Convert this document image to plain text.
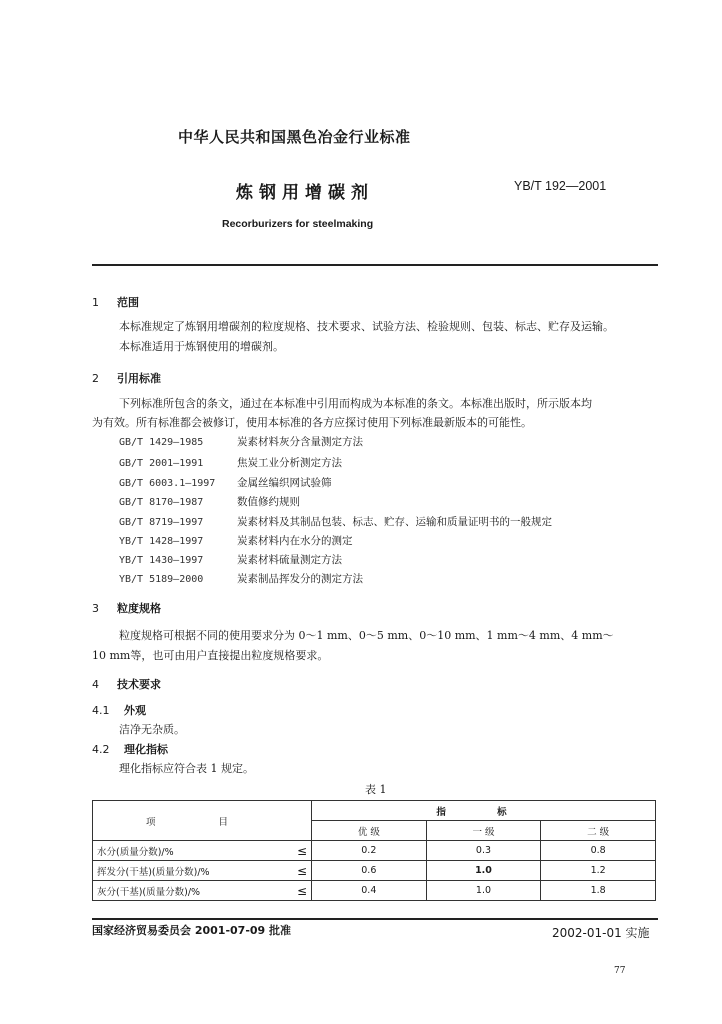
中华人民共和国黑色冶金行业标准
炼钢用增碳剂	YB/T 192—2001
Recorburizers for steelmaking
1 范围
本标准规定了炼钢用增碳剂的粒度规格、技术要求、试验方法、检验规则、包装、标志、贮存及运输。
本标准适用于炼钢使用的增碳剂。
2 引用标准
下列标准所包含的条文，通过在本标准中引用而构成为本标准的条文。本标准出版时，所示版本均
为有效。所有标准都会被修订，使用本标准的各方应探讨使用下列标准最新版本的可能性。
GB/T 1429—1985	炭素材料灰分含量测定方法
GB/T 2001—1991	焦炭工业分析测定方法
GB/T 6003.1—1997 金属丝编织网试验筛
GB/T 8170—1987	数值修约规则
GB/T 8719—1997	炭素材料及其制品包装、标志、贮存、运输和质量证明书的一般规定
YB/T 1428—1997	炭素材料内在水分的测定
YB/T 1430—1997	炭素材料硫量测定方法
YB/T 5189—2000	炭素制品挥发分的测定方法
3 粒度规格
粒度规格可根据不同的使用要求分为 0～1 mm、0～5 mm、0～10 mm、1 mm～4 mm、4 mm～
10 mm等，也可由用户直接提出粒度规格要求。
4 技术要求
4.1 外观
洁净无杂质。
4.2 理化指标
理化指标应符合表 1 规定。
表 1
项 目	指 标		
	优 级	一 级	二 级
水分(质量分数)/% ≤	0.2	0.3	0.8
挥发分(干基)(质量分数)/% ≤	0.6	1.0	1.2
灰分(干基)(质量分数)/% ≤	0.4	1.0	1.8
国家经济贸易委员会 2001-07-09 批准	2002-01-01 实施
77
